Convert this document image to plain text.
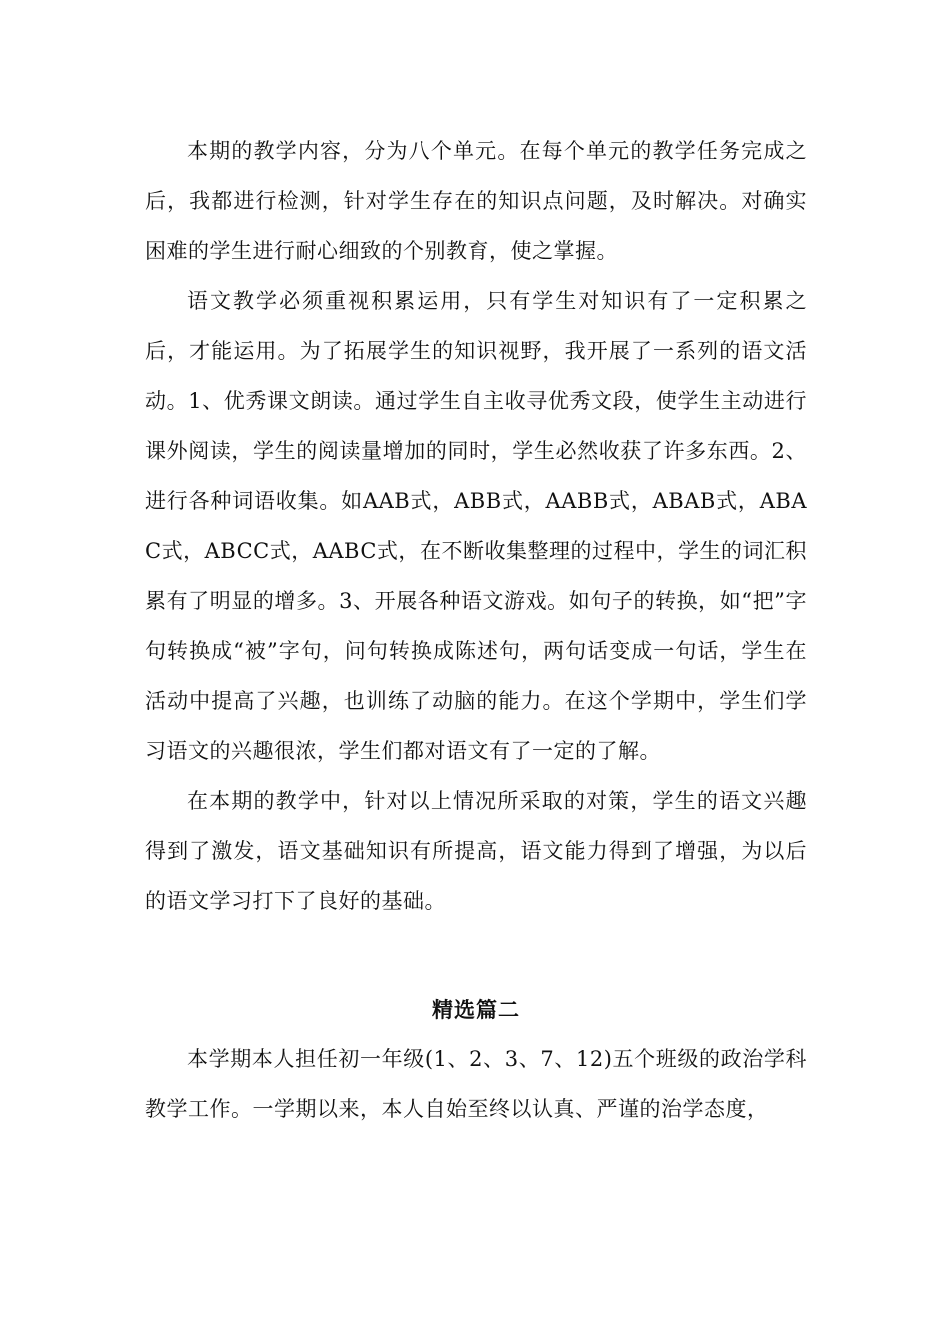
本期的教学内容，分为八个单元。在每个单元的教学任务完成之后，我都进行检测，针对学生存在的知识点问题，及时解决。对确实困难的学生进行耐心细致的个别教育，使之掌握。

语文教学必须重视积累运用，只有学生对知识有了一定积累之后，才能运用。为了拓展学生的知识视野，我开展了一系列的语文活动。1、优秀课文朗读。通过学生自主收寻优秀文段，使学生主动进行课外阅读，学生的阅读量增加的同时，学生必然收获了许多东西。2、进行各种词语收集。如AAB式，ABB式，AABB式，ABAB式，ABAC式，ABCC式，AABC式，在不断收集整理的过程中，学生的词汇积累有了明显的增多。3、开展各种语文游戏。如句子的转换，如“把”字句转换成“被”字句，问句转换成陈述句，两句话变成一句话，学生在活动中提高了兴趣，也训练了动脑的能力。在这个学期中，学生们学习语文的兴趣很浓，学生们都对语文有了一定的了解。

在本期的教学中，针对以上情况所采取的对策，学生的语文兴趣得到了激发，语文基础知识有所提高，语文能力得到了增强，为以后的语文学习打下了良好的基础。

精选篇二

本学期本人担任初一年级(1、2、3、7、12)五个班级的政治学科教学工作。一学期以来，本人自始至终以认真、严谨的治学态度，
